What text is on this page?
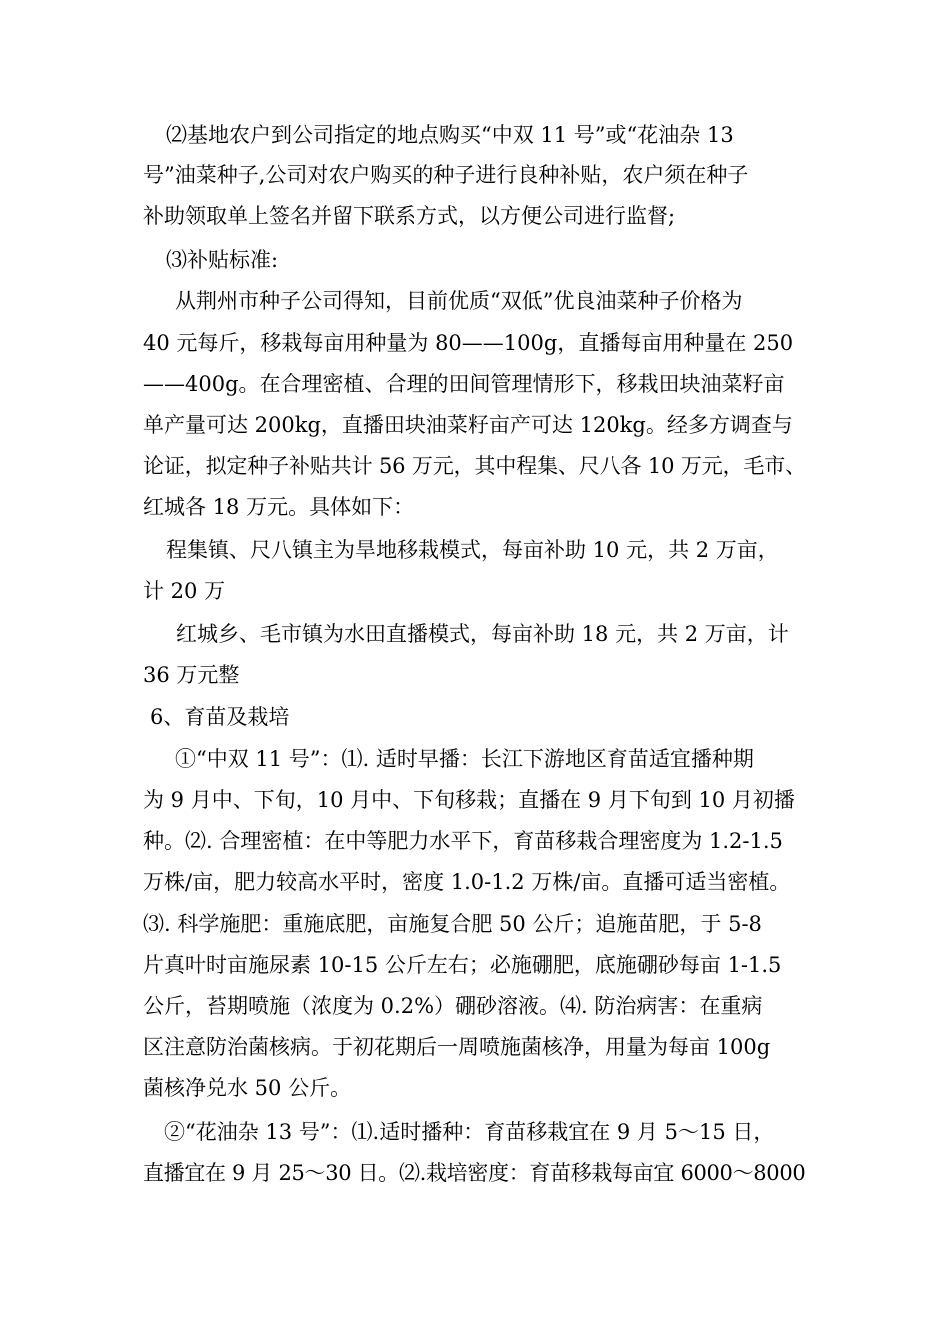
⑵基地农户到公司指定的地点购买“中双 11 号”或“花油杂 13
号”油菜种子,公司对农户购买的种子进行良种补贴，农户须在种子
补助领取单上签名并留下联系方式，以方便公司进行监督;
⑶补贴标准:
从荆州市种子公司得知，目前优质“双低”优良油菜种子价格为
40 元每斤，移栽每亩用种量为 80——100g，直播每亩用种量在 250
——400g。在合理密植、合理的田间管理情形下，移栽田块油菜籽亩
单产量可达 200kg，直播田块油菜籽亩产可达 120kg。经多方调查与
论证，拟定种子补贴共计 56 万元，其中程集、尺八各 10 万元，毛市、
红城各 18 万元。具体如下：
程集镇、尺八镇主为旱地移栽模式，每亩补助 10 元，共 2 万亩，
计 20 万
红城乡、毛市镇为水田直播模式，每亩补助 18 元，共 2 万亩，计
36 万元整
6、育苗及栽培
①“中双 11 号”：⑴. 适时早播：长江下游地区育苗适宜播种期
为 9 月中、下旬，10 月中、下旬移栽；直播在 9 月下旬到 10 月初播
种。⑵. 合理密植：在中等肥力水平下，育苗移栽合理密度为 1.2-1.5
万株/亩，肥力较高水平时，密度 1.0-1.2 万株/亩。直播可适当密植。
⑶. 科学施肥：重施底肥，亩施复合肥 50 公斤；追施苗肥，于 5-8
片真叶时亩施尿素 10-15 公斤左右；必施硼肥，底施硼砂每亩 1-1.5
公斤，苔期喷施（浓度为 0.2%）硼砂溶液。⑷. 防治病害：在重病
区注意防治菌核病。于初花期后一周喷施菌核净，用量为每亩 100g
菌核净兑水 50 公斤。
②“花油杂 13 号”：⑴.适时播种：育苗移栽宜在 9 月 5～15 日，
直播宜在 9 月 25～30 日。⑵.栽培密度：育苗移栽每亩宜 6000～8000
